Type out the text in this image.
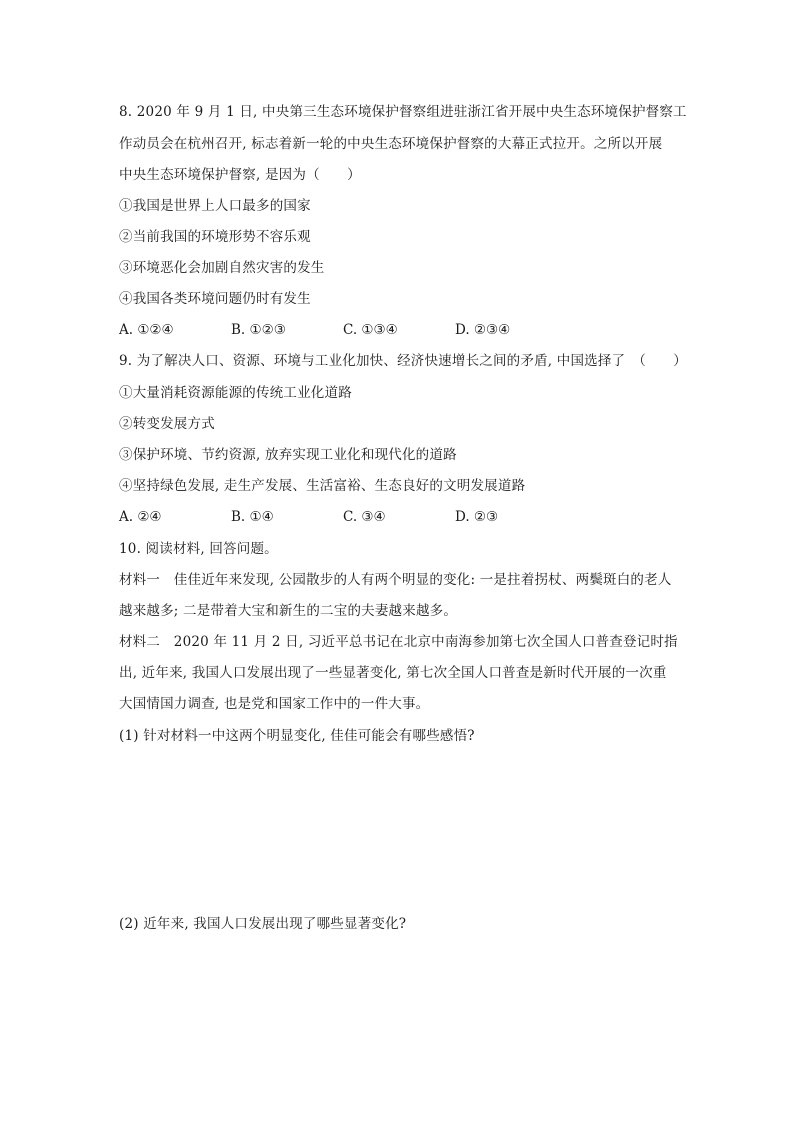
8. 2020 年 9 月 1 日, 中央第三生态环境保护督察组进驻浙江省开展中央生态环境保护督察工
作动员会在杭州召开, 标志着新一轮的中央生态环境保护督察的大幕正式拉开。之所以开展
中央生态环境保护督察, 是因为（　　）
①我国是世界上人口最多的国家
②当前我国的环境形势不容乐观
③环境恶化会加剧自然灾害的发生
④我国各类环境问题仍时有发生
A. ①②④	B. ①②③	C. ①③④	D. ②③④
9. 为了解决人口、资源、环境与工业化加快、经济快速增长之间的矛盾, 中国选择了　（　　）
①大量消耗资源能源的传统工业化道路
②转变发展方式
③保护环境、节约资源, 放弃实现工业化和现代化的道路
④坚持绿色发展, 走生产发展、生活富裕、生态良好的文明发展道路
A. ②④	B. ①④	C. ③④	D. ②③
10. 阅读材料, 回答问题。
材料一　佳佳近年来发现, 公园散步的人有两个明显的变化: 一是拄着拐杖、两鬓斑白的老人
越来越多; 二是带着大宝和新生的二宝的夫妻越来越多。
材料二　2020 年 11 月 2 日, 习近平总书记在北京中南海参加第七次全国人口普查登记时指
出, 近年来, 我国人口发展出现了一些显著变化, 第七次全国人口普查是新时代开展的一次重
大国情国力调查, 也是党和国家工作中的一件大事。
(1) 针对材料一中这两个明显变化, 佳佳可能会有哪些感悟?
(2) 近年来, 我国人口发展出现了哪些显著变化?
